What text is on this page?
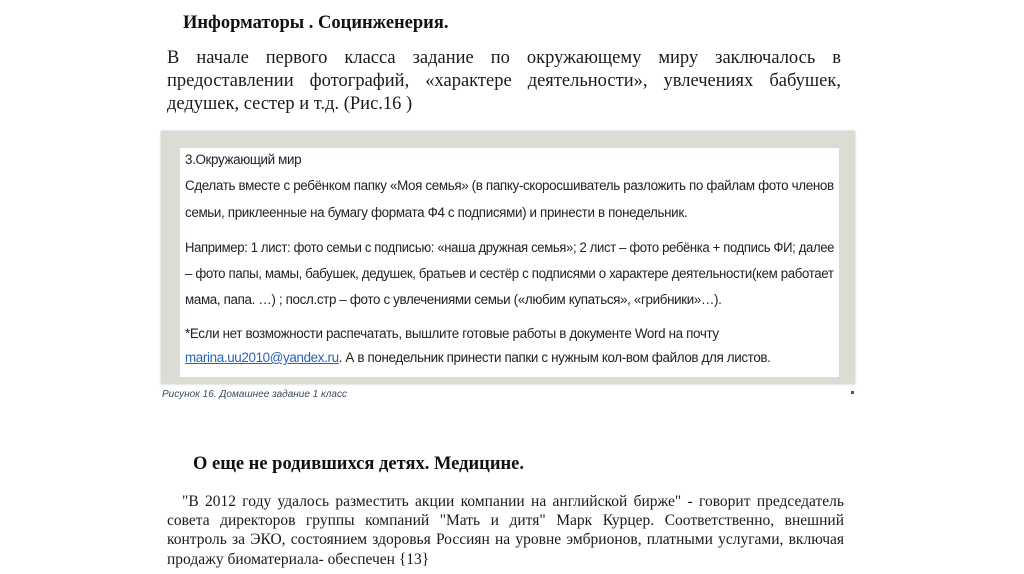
Информаторы . Социнженерия.
В начале первого класса задание по окружающему миру заключалось в
предоставлении фотографий, «характере деятельности», увлечениях бабушек,
дедушек, сестер и т.д. (Рис.16 )
3.Окружающий мир
Сделать вместе с ребёнком папку «Моя семья» (в папку-скоросшиватель разложить по файлам фото членов
семьи, приклеенные на бумагу формата Ф4 с подписями) и принести в понедельник.
Например: 1 лист: фото семьи с подписью: «наша дружная семья»; 2 лист – фото ребёнка + подпись ФИ; далее
– фото папы, мамы, бабушек, дедушек, братьев и сестёр с подписями о характере деятельности(кем работает
мама, папа. …) ; посл.стр – фото с увлечениями семьи («любим купаться», «грибники»…).
*Если нет возможности распечатать, вышлите готовые работы в документе Word на почту
marina.uu2010@yandex.ru. А в понедельник принести папки с нужным кол-вом файлов для листов.
Рисунок 16. Домашнее задание 1 класс
О еще не родившихся детях. Медицине.
"В 2012 году удалось разместить акции компании на английской бирже" - говорит председатель
совета директоров группы компаний "Мать и дитя" Марк Курцер. Соответственно, внешний
контроль за ЭКО, состоянием здоровья Россиян на уровне эмбрионов, платными услугами, включая
продажу биоматериала- обеспечен {13}
